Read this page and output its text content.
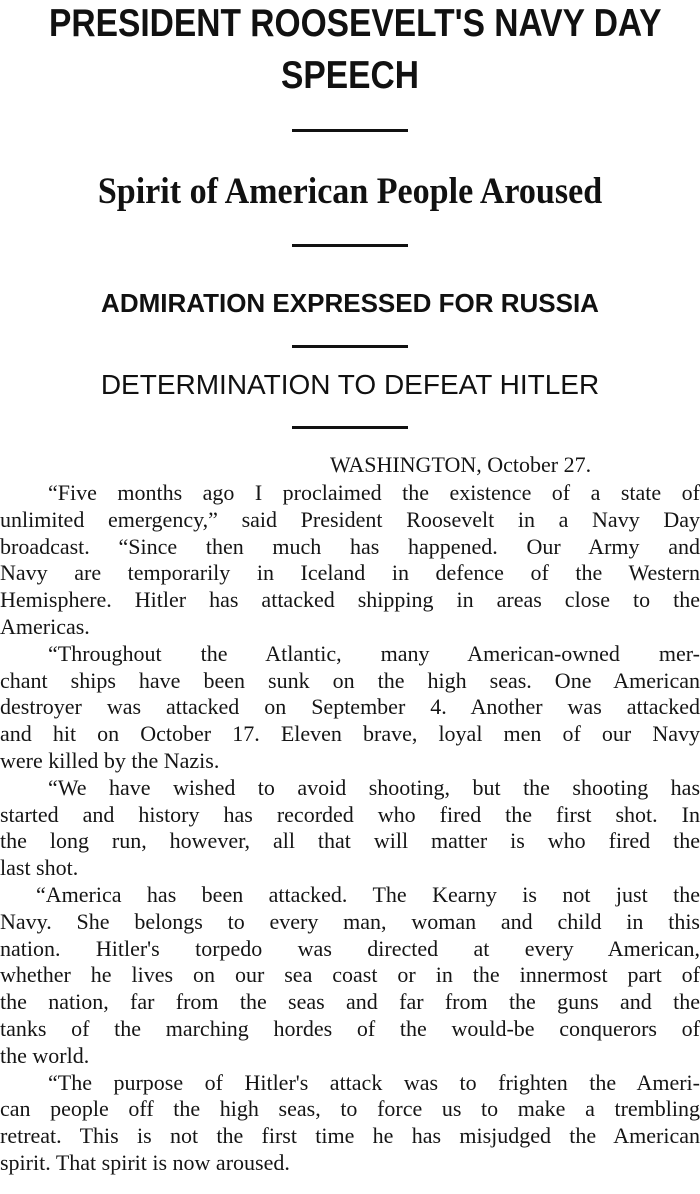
PRESIDENT ROOSEVELT'S NAVY DAY
SPEECH
Spirit of American People Aroused
ADMIRATION EXPRESSED FOR RUSSIA
DETERMINATION TO DEFEAT HITLER
WASHINGTON, October 27.
“Five months ago I proclaimed the existence of a state of
unlimited emergency,” said President Roosevelt in a Navy Day
broadcast. “Since then much has happened. Our Army and
Navy are temporarily in Iceland in defence of the Western
Hemisphere. Hitler has attacked shipping in areas close to the
Americas.
“Throughout the Atlantic, many American-owned mer-
chant ships have been sunk on the high seas. One American
destroyer was attacked on September 4. Another was attacked
and hit on October 17. Eleven brave, loyal men of our Navy
were killed by the Nazis.
“We have wished to avoid shooting, but the shooting has
started and history has recorded who fired the first shot. In
the long run, however, all that will matter is who fired the
last shot.
“America has been attacked. The Kearny is not just the
Navy. She belongs to every man, woman and child in this
nation. Hitler's torpedo was directed at every American,
whether he lives on our sea coast or in the innermost part of
the nation, far from the seas and far from the guns and the
tanks of the marching hordes of the would-be conquerors of
the world.
“The purpose of Hitler's attack was to frighten the Ameri-
can people off the high seas, to force us to make a trembling
retreat. This is not the first time he has misjudged the American
spirit. That spirit is now aroused.
